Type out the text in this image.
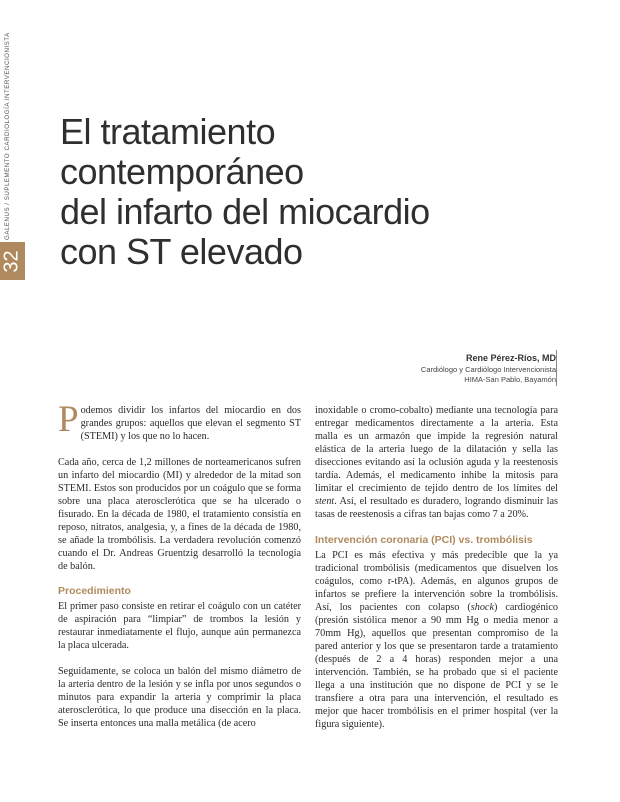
GALENUS / SUPLEMENTO CARDIOLOGÍA INTERVENCIONISTA
32
El tratamiento
contemporáneo
del infarto del miocardio
con ST elevado
Rene Pérez-Ríos, MD
Cardiólogo y Cardiólogo Intervencionista
HIMA-San Pablo, Bayamón

Podemos dividir los infartos del miocardio en dos grandes grupos: aquellos que elevan el segmento ST (STEMI) y los que no lo hacen.

Cada año, cerca de 1,2 millones de norteamericanos sufren un infarto del miocardio (MI) y alrededor de la mitad son STEMI. Estos son producidos por un coágulo que se forma sobre una placa aterosclerótica que se ha ulcerado o fisurado. En la década de 1980, el tratamiento consistía en reposo, nitratos, analgesia, y, a fines de la década de 1980, se añade la trombólisis. La verdadera revolución comenzó cuando el Dr. Andreas Gruentzig desarrolló la tecnología de balón.

Procedimiento

El primer paso consiste en retirar el coágulo con un catéter de aspiración para “limpiar” de trombos la lesión y restaurar inmediatamente el flujo, aunque aún permanezca la placa ulcerada.

Seguidamente, se coloca un balón del mismo diámetro de la arteria dentro de la lesión y se infla por unos segundos o minutos para expandir la arteria y comprimir la placa aterosclerótica, lo que produce una disección en la placa. Se inserta entonces una malla metálica (de acero

inoxidable o cromo-cobalto) mediante una tecnología para entregar medicamentos directamente a la arteria. Esta malla es un armazón que impide la regresión natural elástica de la arteria luego de la dilatación y sella las disecciones evitando así la oclusión aguda y la reestenosis tardía. Además, el medicamento inhibe la mitosis para limitar el crecimiento de tejido dentro de los límites del stent. Así, el resultado es duradero, logrando disminuir las tasas de reestenosis a cifras tan bajas como 7 a 20%.

Intervención coronaria (PCI) vs. trombólisis

La PCI es más efectiva y más predecible que la ya tradicional trombólisis (medicamentos que disuelven los coágulos, como r-tPA). Además, en algunos grupos de infartos se prefiere la intervención sobre la trombólisis. Así, los pacientes con colapso (shock) cardiogénico (presión sistólica menor a 90 mm Hg o media menor a 70mm Hg), aquellos que presentan compromiso de la pared anterior y los que se presentaron tarde a tratamiento (después de 2 a 4 horas) responden mejor a una intervención. También, se ha probado que si el paciente llega a una institución que no dispone de PCI y se le transfiere a otra para una intervención, el resultado es mejor que hacer trombólisis en el primer hospital (ver la figura siguiente).
